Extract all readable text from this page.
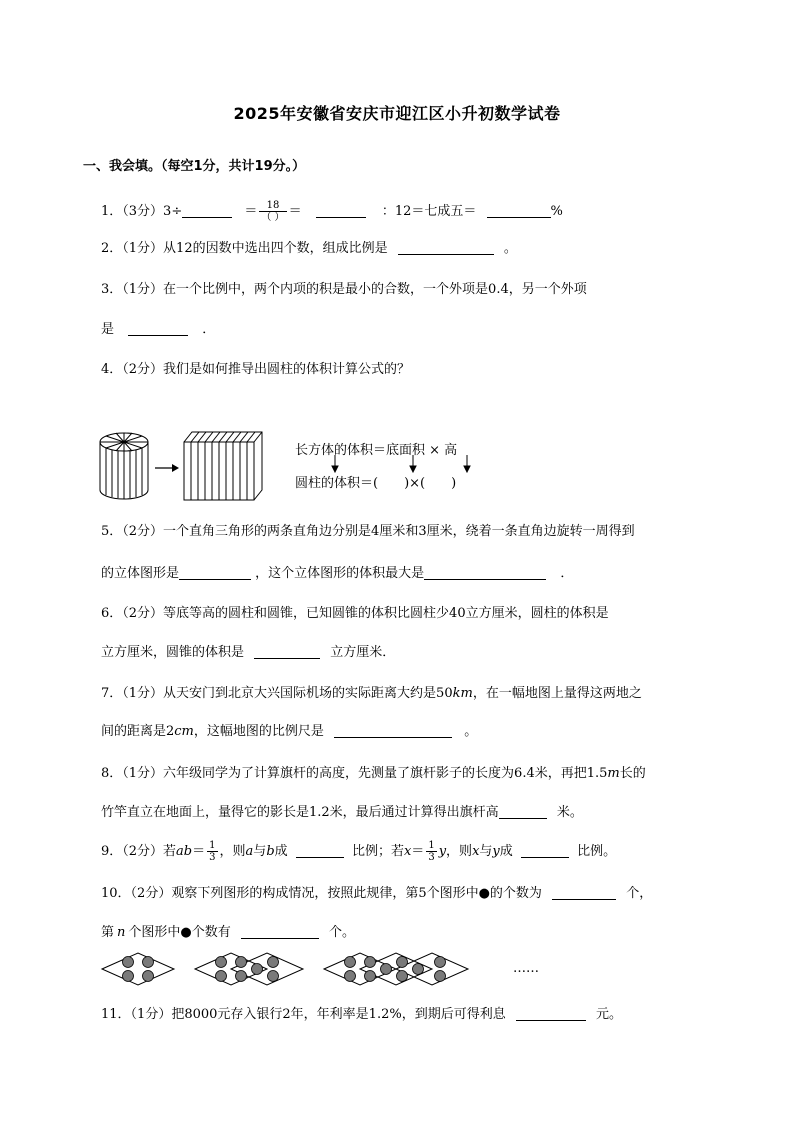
2025年安徽省安庆市迎江区小升初数学试卷
一、我会填。（每空1分，共计19分。）
1．（3分）3÷	＝ $\frac{18}{( )}$ ＝	：12＝七成五＝	%
2．（1分）从12的因数中选出四个数，组成比例是	。
3．（1分）在一个比例中，两个内项的积是最小的合数，一个外项是0.4，另一个外项
是	．
4．（2分）我们是如何推导出圆柱的体积计算公式的？
长方体的体积＝底面积 × 高
圆柱的体积＝(　　)×(　　)
5．（2分）一个直角三角形的两条直角边分别是4厘米和3厘米，绕着一条直角边旋转一周得到
的立体图形是	，这个立体图形的体积最大是	．
6．（2分）等底等高的圆柱和圆锥，已知圆锥的体积比圆柱少40立方厘米，圆柱的体积是
立方厘米，圆锥的体积是	立方厘米．
7．（1分）从天安门到北京大兴国际机场的实际距离大约是50km，在一幅地图上量得这两地之
间的距离是2cm，这幅地图的比例尺是	。
8．（1分）六年级同学为了计算旗杆的高度，先测量了旗杆影子的长度为6.4米，再把1.5m长的
竹竿直立在地面上，量得它的影长是1.2米，最后通过计算得出旗杆高	米。
9．（2分）若$ab= \frac{1}{3}$ ，则a与b成	比例；若$x= \frac{1}{3}$ y，则x与y成	比例。
10．（2分）观察下列图形的构成情况，按照此规律，第5个图形中●的个数为	个，
第 n 个图形中●个数有	个。
……
11．（1分）把8000元存入银行2年，年利率是1.2%，到期后可得利息	元。
